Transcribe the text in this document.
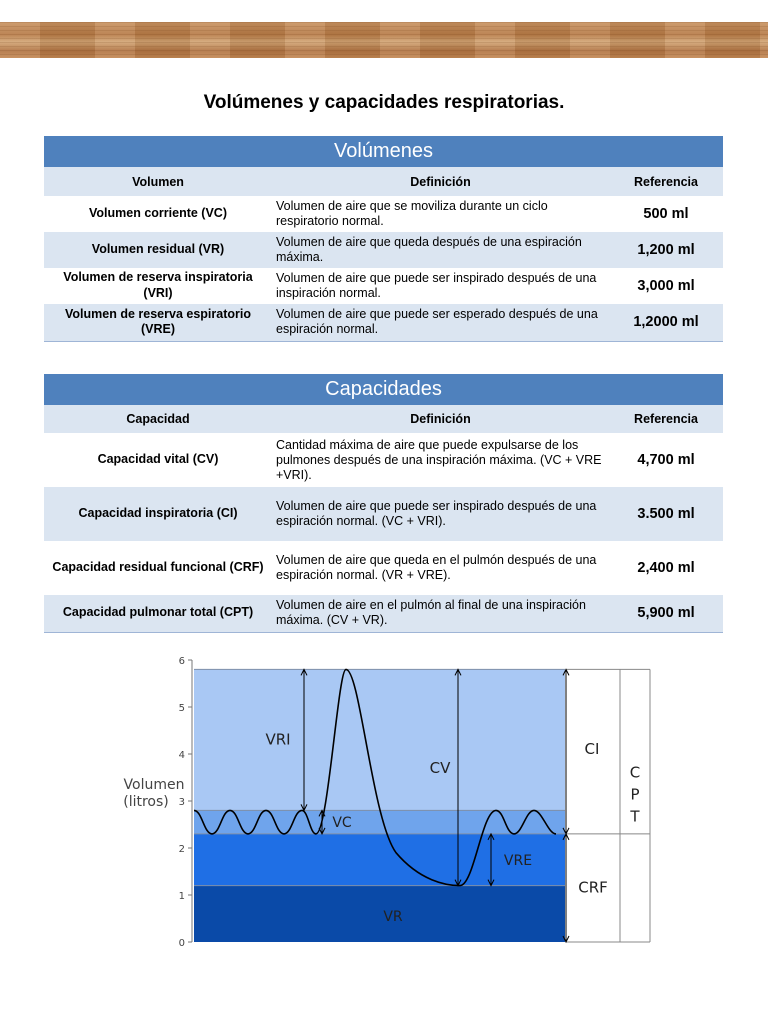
Volúmenes y capacidades respiratorias.
Volúmenes		
Volumen	Definición	Referencia
Volumen corriente (VC)	Volumen de aire que se moviliza durante un ciclo respiratorio normal.	500 ml
Volumen residual (VR)	Volumen de aire que queda después de una espiración máxima.	1,200 ml
Volumen de reserva inspiratoria (VRI)	Volumen de aire que puede ser inspirado después de una inspiración normal.	3,000 ml
Volumen de reserva espiratorio (VRE)	Volumen de aire que puede ser esperado después de una espiración normal.	1,2000 ml
Capacidades		
Capacidad	Definición	Referencia
Capacidad vital (CV)	Cantidad máxima de aire que puede expulsarse de los pulmones después de una inspiración máxima. (VC + VRE +VRI).	4,700 ml
Capacidad inspiratoria (CI)	Volumen de aire que puede ser inspirado después de una espiración normal. (VC + VRI).	3.500 ml
Capacidad residual funcional (CRF)	Volumen de aire que queda en el pulmón después de una espiración normal. (VR + VRE).	2,400 ml
Capacidad pulmonar total (CPT)	Volumen de aire en el pulmón al final de una inspiración máxima. (CV + VR).	5,900 ml
0
1
2
3
4
5
6
Volumen
(litros)
VRI
VC
CV
VRE
VR
CI
CRF
C
P
T
